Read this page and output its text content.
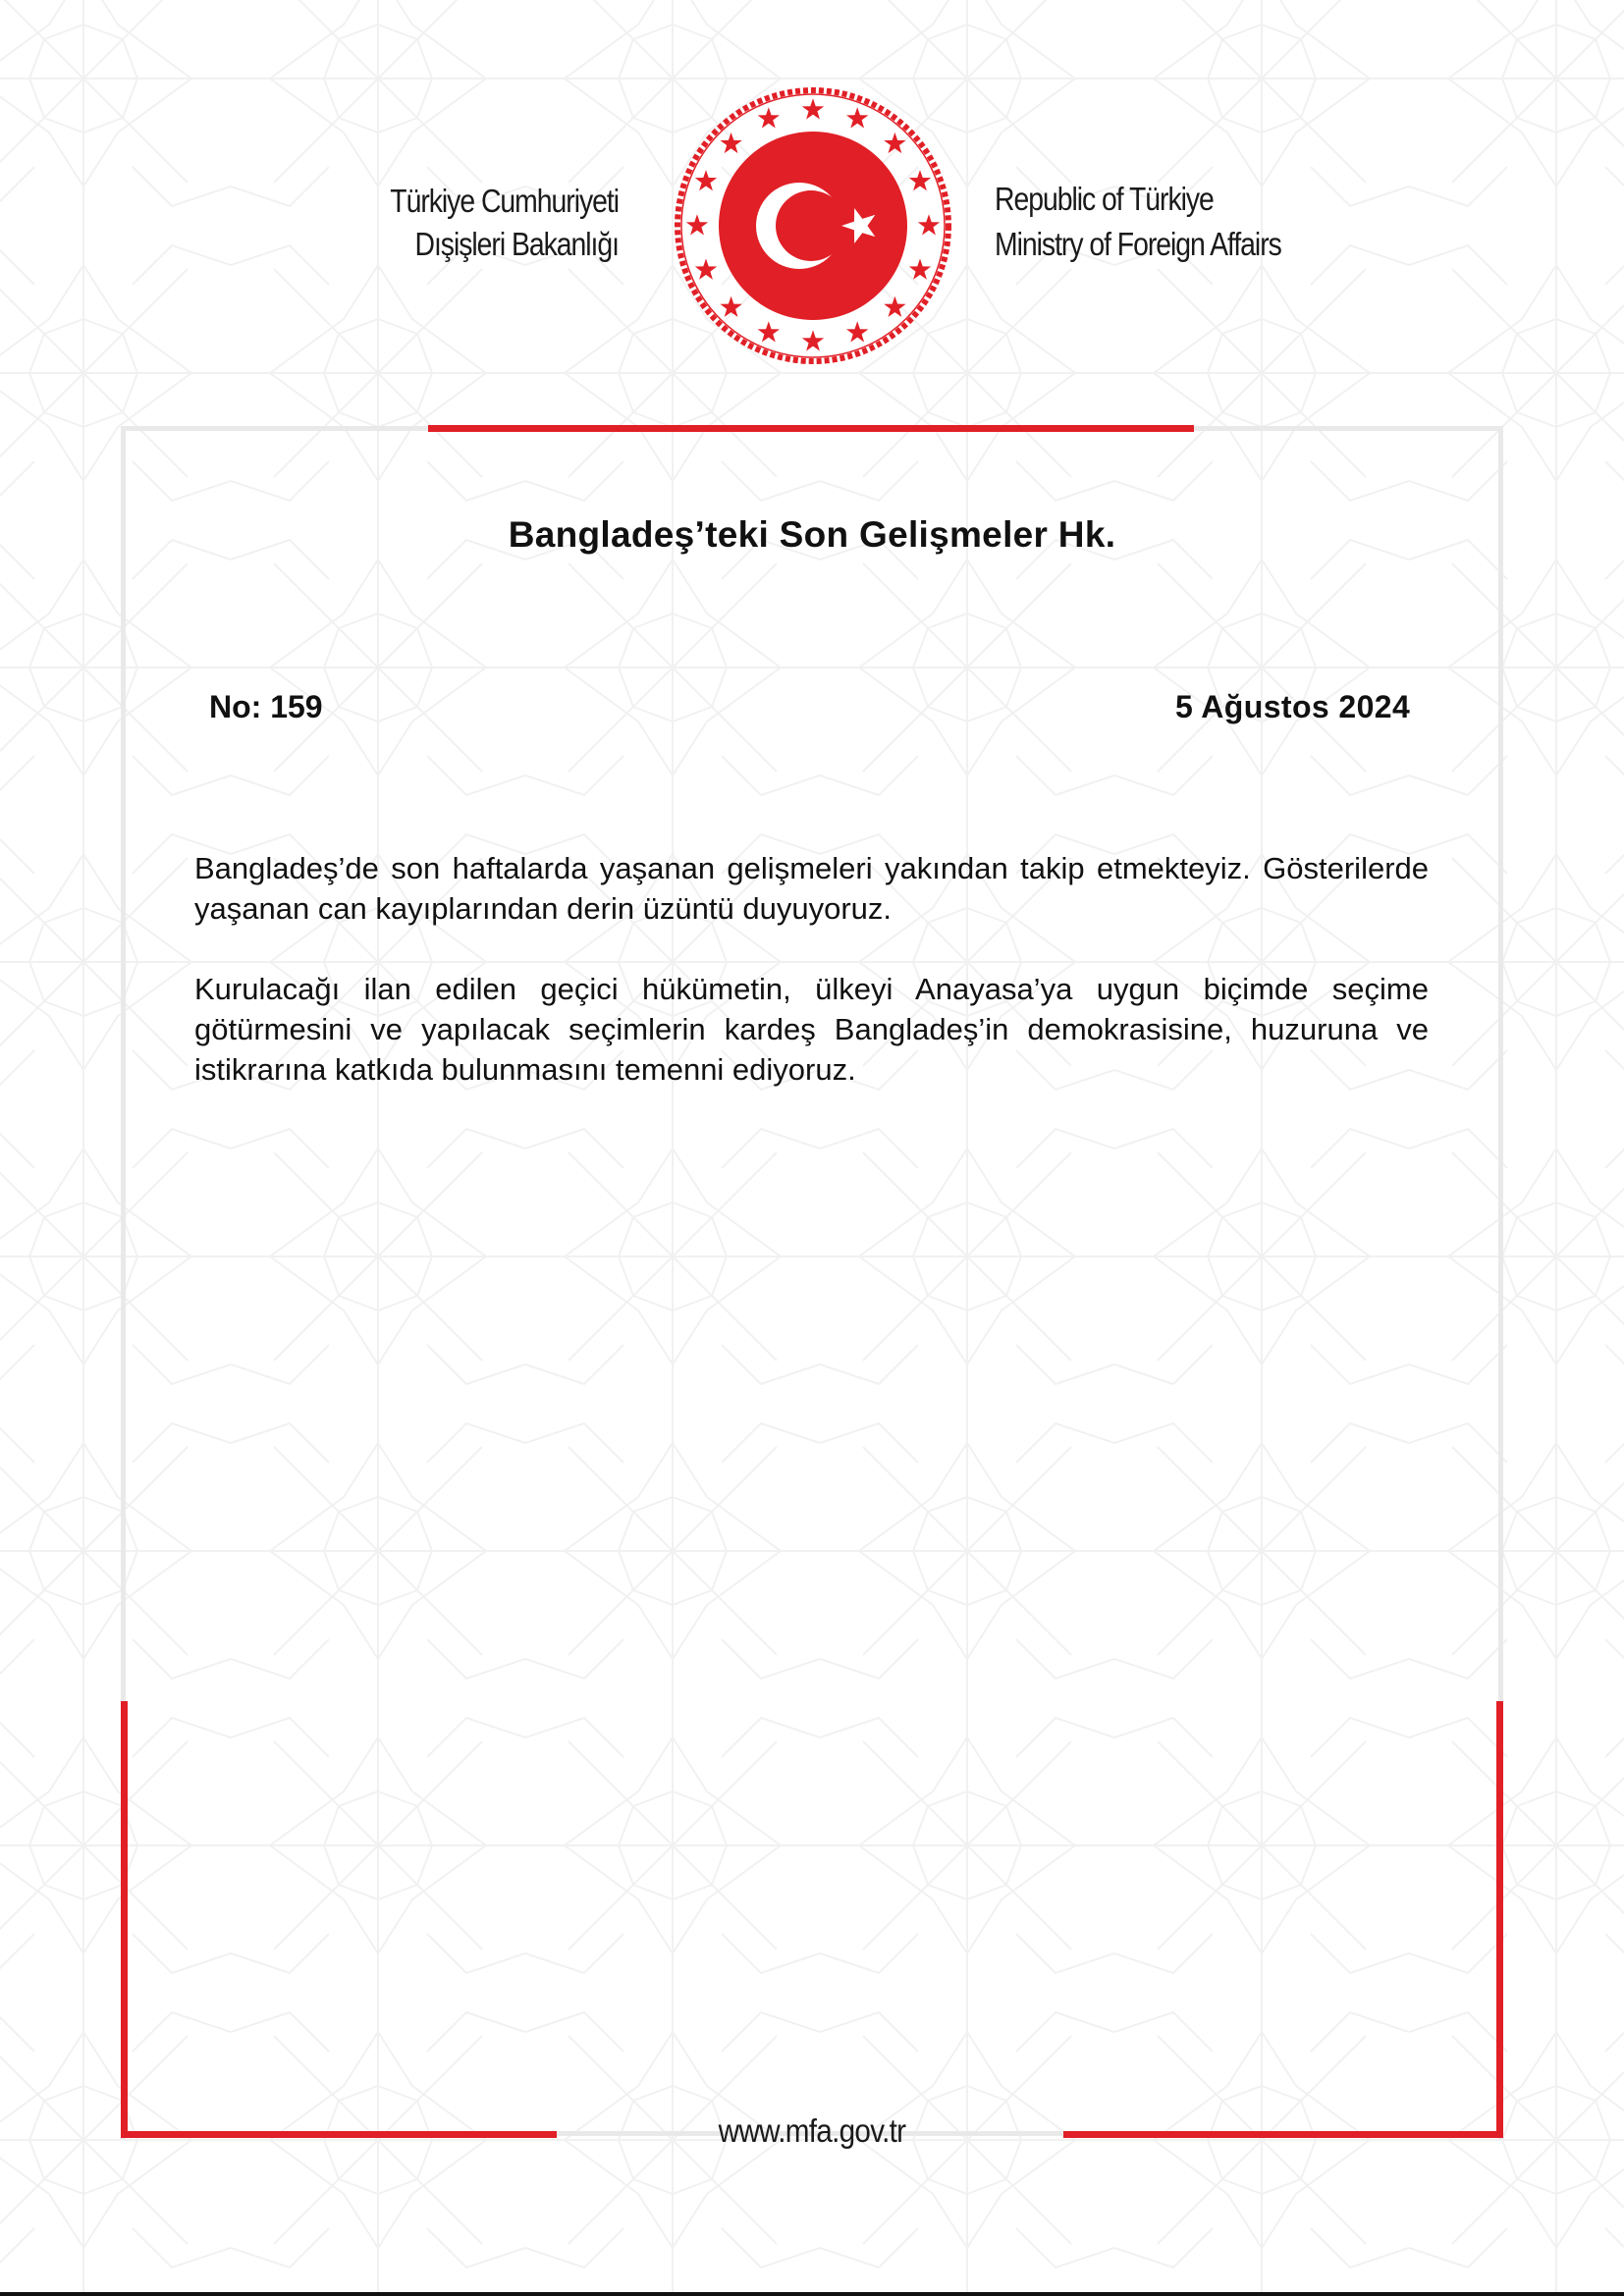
Türkiye Cumhuriyeti
Dışişleri Bakanlığı
Republic of Türkiye
Ministry of Foreign Affairs
Bangladeş’teki Son Gelişmeler Hk.
No: 159	5 Ağustos 2024

Bangladeş’de son haftalarda yaşanan gelişmeleri yakından takip etmekteyiz. Gösterilerde yaşanan can kayıplarından derin üzüntü duyuyoruz.

Kurulacağı ilan edilen geçici hükümetin, ülkeyi Anayasa’ya uygun biçimde seçime götürmesini ve yapılacak seçimlerin kardeş Bangladeş’in demokrasisine, huzuruna ve istikrarına katkıda bulunmasını temenni ediyoruz.

www.mfa.gov.tr
